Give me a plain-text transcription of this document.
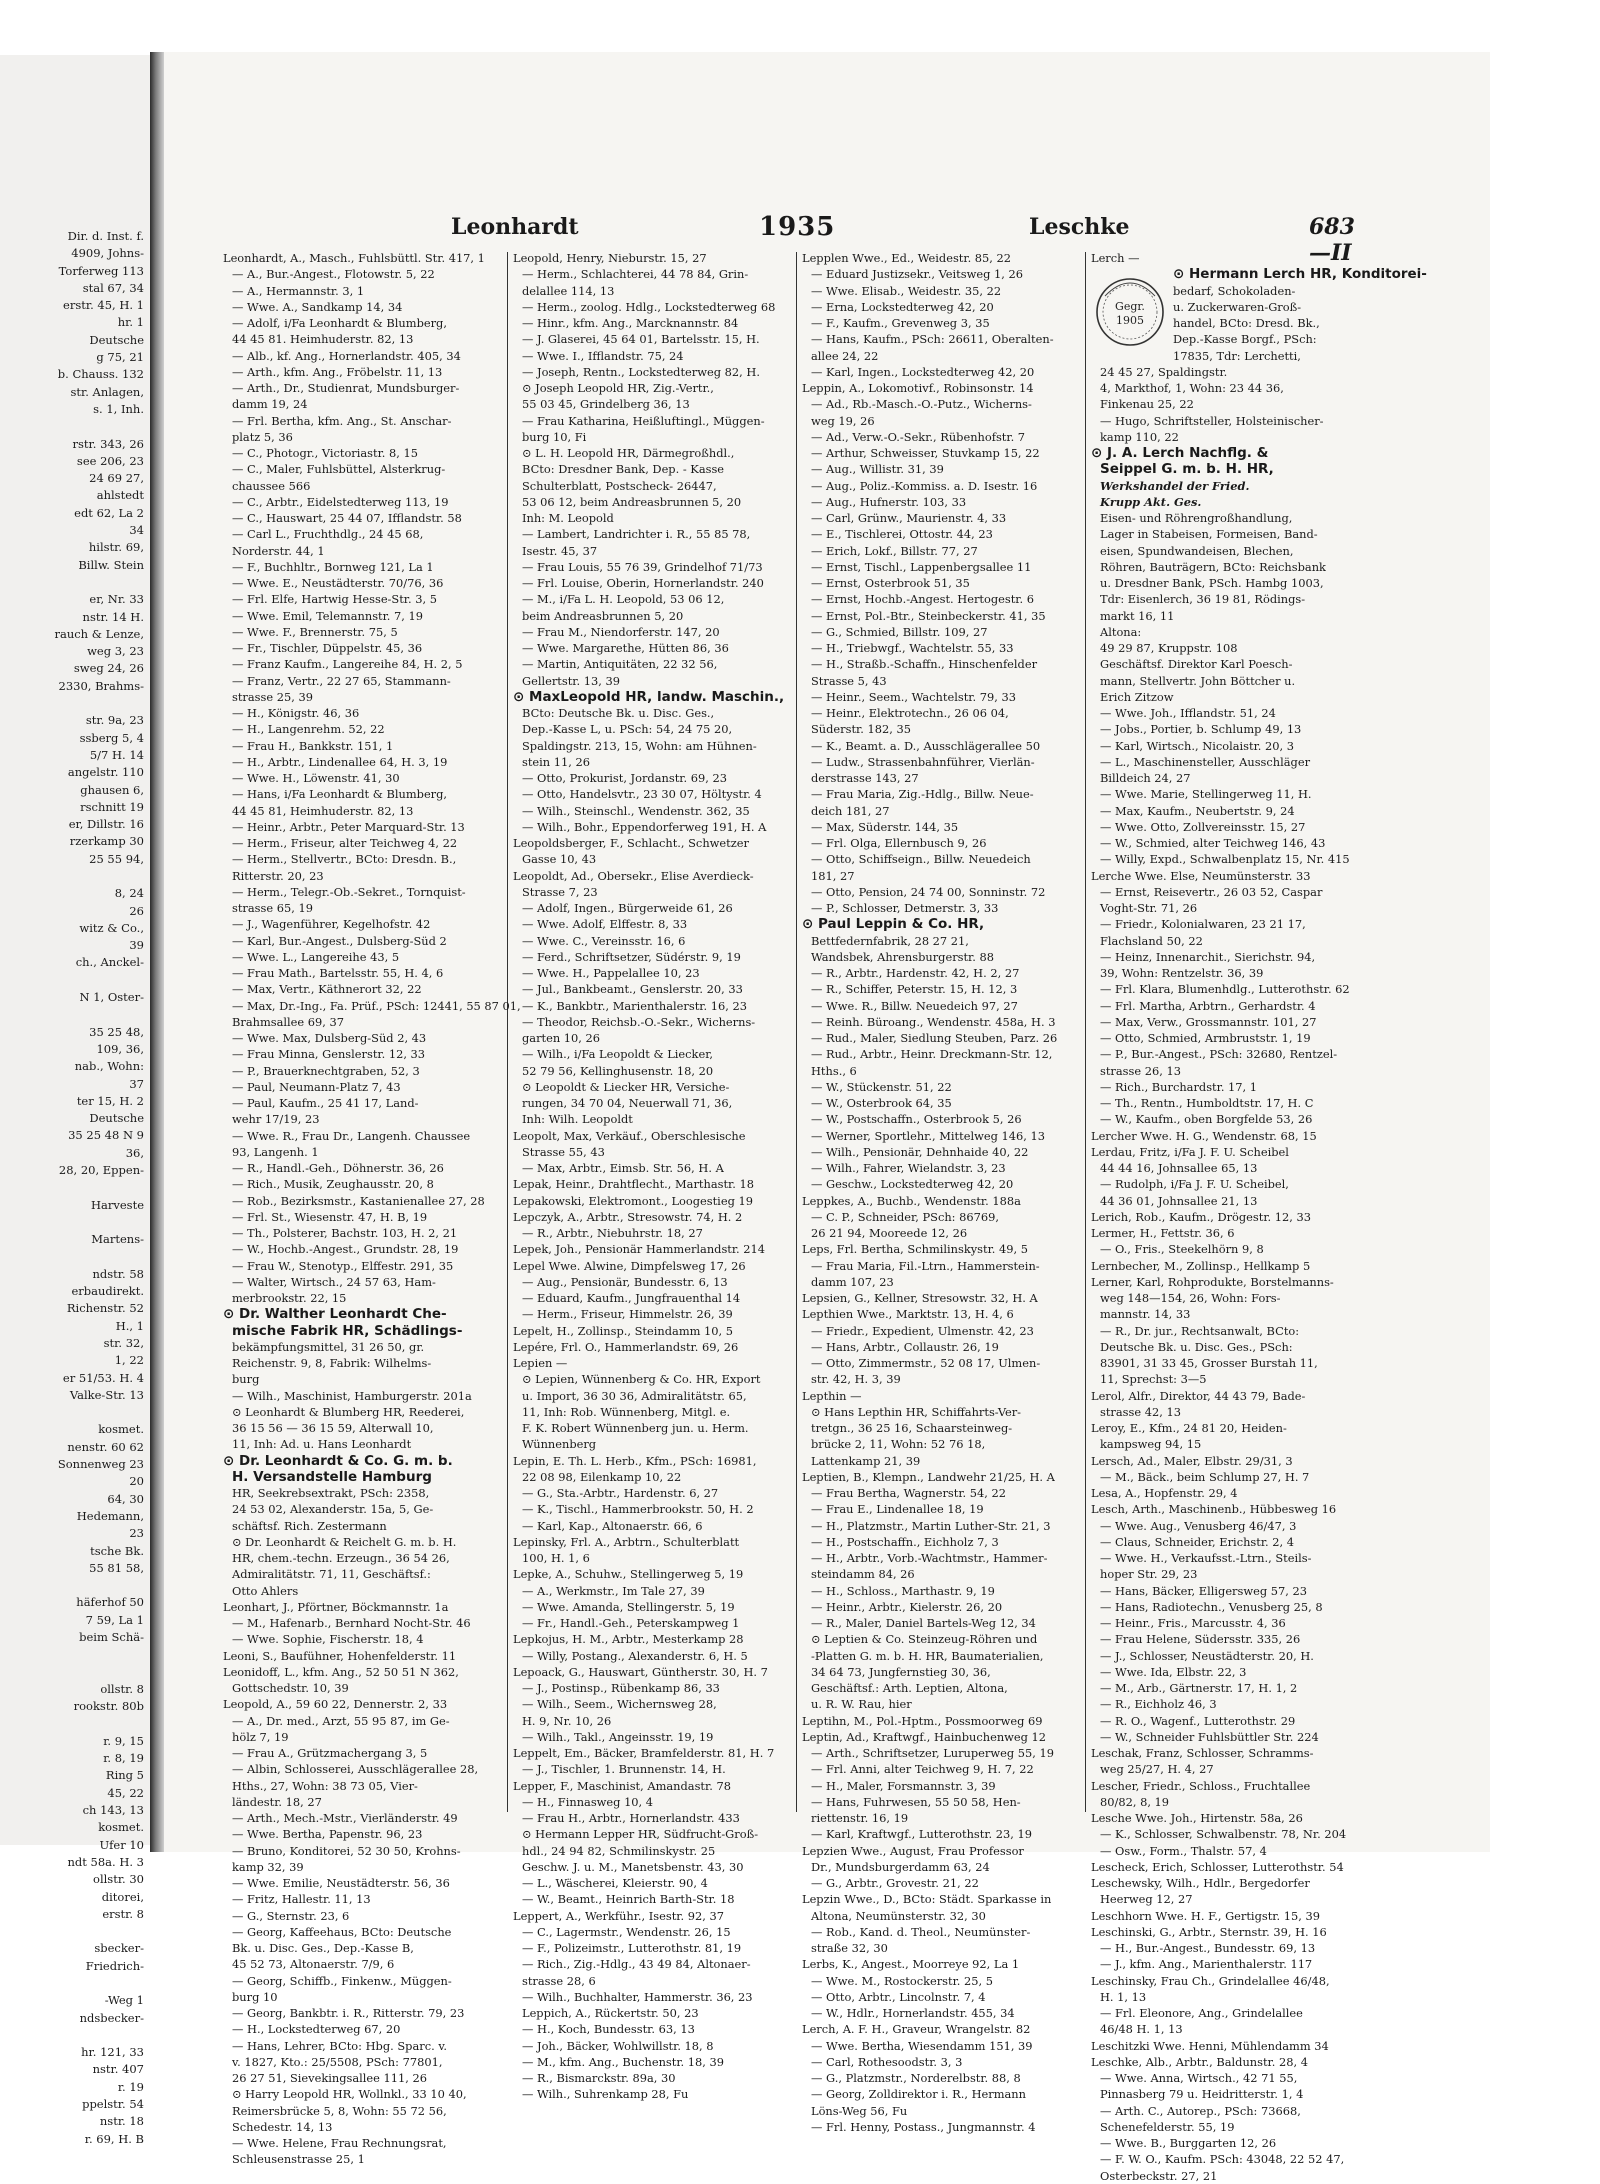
Dir. d. Inst. f.
4909, Johns-
Torferweg 113
stal 67, 34
erstr. 45, H. 1
hr. 1
Deutsche
g 75, 21
b. Chauss. 132
str. Anlagen,
s. 1, Inh.

rstr. 343, 26
see 206, 23
24 69 27,
ahlstedt
edt 62, La 2
34
hilstr. 69,
Billw. Stein

er, Nr. 33
nstr. 14 H.
rauch & Lenze,
weg 3, 23
sweg 24, 26
2330, Brahms-

str. 9a, 23
ssberg 5, 4
5/7 H. 14
angelstr. 110
ghausen 6,
rschnitt 19
er, Dillstr. 16
rzerkamp 30
25 55 94,

8, 24
26
witz & Co.,
39
ch., Anckel-

N 1, Oster-

35 25 48,
109, 36,
nab., Wohn:
37
ter 15, H. 2
Deutsche
35 25 48 N 9
36,
28, 20, Eppen-

Harveste

Martens-

ndstr. 58
erbaudirekt.
Richenstr. 52
H., 1
str. 32,
1, 22
er 51/53. H. 4
Valke-Str. 13

kosmet.
nenstr. 60 62
Sonnenweg 23
20
64, 30
Hedemann,
23
tsche Bk.
55 81 58,

häferhof 50
7 59, La 1
beim Schä-

ollstr. 8
rookstr. 80b

r. 9, 15
r. 8, 19
Ring 5
45, 22
ch 143, 13
kosmet.
Ufer 10
ndt 58a. H. 3
ollstr. 30
ditorei,
erstr. 8

sbecker-
Friedrich-

-Weg 1
ndsbecker-

hr. 121, 33
nstr. 407
r. 19
ppelstr. 54
nstr. 18
r. 69, H. B
Leonhardt	1935	Leschke	683—II
Leonhardt, A., Masch., Fuhlsbüttl. Str. 417, 1
— A., Bur.-Angest., Flotowstr. 5, 22
— A., Hermannstr. 3, 1
— Wwe. A., Sandkamp 14, 34
— Adolf, i/Fa Leonhardt & Blumberg,
44 45 81. Heimhuderstr. 82, 13
— Alb., kf. Ang., Hornerlandstr. 405, 34
— Arth., kfm. Ang., Fröbelstr. 11, 13
— Arth., Dr., Studienrat, Mundsburger-
damm 19, 24
— Frl. Bertha, kfm. Ang., St. Anschar-
platz 5, 36
— C., Photogr., Victoriastr. 8, 15
— C., Maler, Fuhlsbüttel, Alsterkrug-
chaussee 566
— C., Arbtr., Eidelstedterweg 113, 19
— C., Hauswart, 25 44 07, Ifflandstr. 58
— Carl L., Fruchthdlg., 24 45 68,
Norderstr. 44, 1
— F., Buchhltr., Bornweg 121, La 1
— Wwe. E., Neustädterstr. 70/76, 36
— Frl. Elfe, Hartwig Hesse-Str. 3, 5
— Wwe. Emil, Telemannstr. 7, 19
— Wwe. F., Brennerstr. 75, 5
— Fr., Tischler, Düppelstr. 45, 36
— Franz Kaufm., Langereihe 84, H. 2, 5
— Franz, Vertr., 22 27 65, Stammann-
strasse 25, 39
— H., Königstr. 46, 36
— H., Langenrehm. 52, 22
— Frau H., Bankkstr. 151, 1
— H., Arbtr., Lindenallee 64, H. 3, 19
— Wwe. H., Löwenstr. 41, 30
— Hans, i/Fa Leonhardt & Blumberg,
44 45 81, Heimhuderstr. 82, 13
— Heinr., Arbtr., Peter Marquard-Str. 13
— Herm., Friseur, alter Teichweg 4, 22
— Herm., Stellvertr., BCto: Dresdn. B.,
Ritterstr. 20, 23
— Herm., Telegr.-Ob.-Sekret., Tornquist-
strasse 65, 19
— J., Wagenführer, Kegelhofstr. 42
— Karl, Bur.-Angest., Dulsberg-Süd 2
— Wwe. L., Langereihe 43, 5
— Frau Math., Bartelsstr. 55, H. 4, 6
— Max, Vertr., Käthnerort 32, 22
— Max, Dr.-Ing., Fa. Prüf., PSch: 12441, 55 87 01,
Brahmsallee 69, 37
— Wwe. Max, Dulsberg-Süd 2, 43
— Frau Minna, Genslerstr. 12, 33
— P., Brauerknechtgraben, 52, 3
— Paul, Neumann-Platz 7, 43
— Paul, Kaufm., 25 41 17, Land-
wehr 17/19, 23
— Wwe. R., Frau Dr., Langenh. Chaussee
93, Langenh. 1
— R., Handl.-Geh., Döhnerstr. 36, 26
— Rich., Musik, Zeughausstr. 20, 8
— Rob., Bezirksmstr., Kastanienallee 27, 28
— Frl. St., Wiesenstr. 47, H. B, 19
— Th., Polsterer, Bachstr. 103, H. 2, 21
— W., Hochb.-Angest., Grundstr. 28, 19
— Frau W., Stenotyp., Elffestr. 291, 35
— Walter, Wirtsch., 24 57 63, Ham-
merbrookstr. 22, 15
⊙ Dr. Walther Leonhardt Che-
mische Fabrik HR, Schädlings-
bekämpfungsmittel, 31 26 50, gr.
Reichenstr. 9, 8, Fabrik: Wilhelms-
burg
— Wilh., Maschinist, Hamburgerstr. 201a
⊙ Leonhardt & Blumberg HR, Reederei,
36 15 56 — 36 15 59, Alterwall 10,
11, Inh: Ad. u. Hans Leonhardt
⊙ Dr. Leonhardt & Co. G. m. b.
H. Versandstelle Hamburg
HR, Seekrebsextrakt, PSch: 2358,
24 53 02, Alexanderstr. 15a, 5, Ge-
schäftsf. Rich. Zestermann
⊙ Dr. Leonhardt & Reichelt G. m. b. H.
HR, chem.-techn. Erzeugn., 36 54 26,
Admiralitätstr. 71, 11, Geschäftsf.:
Otto Ahlers
Leonhart, J., Pförtner, Böckmannstr. 1a
— M., Hafenarb., Bernhard Nocht-Str. 46
— Wwe. Sophie, Fischerstr. 18, 4
Leoni, S., Baufühner, Hohenfelderstr. 11
Leonidoff, L., kfm. Ang., 52 50 51 N 362,
Gottschedstr. 10, 39
Leopold, A., 59 60 22, Dennerstr. 2, 33
— A., Dr. med., Arzt, 55 95 87, im Ge-
hölz 7, 19
— Frau A., Grützmachergang 3, 5
— Albin, Schlosserei, Ausschlägerallee 28,
Hths., 27, Wohn: 38 73 05, Vier-
ländestr. 18, 27
— Arth., Mech.-Mstr., Vierländerstr. 49
— Wwe. Bertha, Papenstr. 96, 23
— Bruno, Konditorei, 52 30 50, Krohns-
kamp 32, 39
— Wwe. Emilie, Neustädterstr. 56, 36
— Fritz, Hallestr. 11, 13
— G., Sternstr. 23, 6
— Georg, Kaffeehaus, BCto: Deutsche
Bk. u. Disc. Ges., Dep.-Kasse B,
45 52 73, Altonaerstr. 7/9, 6
— Georg, Schiffb., Finkenw., Müggen-
burg 10
— Georg, Bankbtr. i. R., Ritterstr. 79, 23
— H., Lockstedterweg 67, 20
— Hans, Lehrer, BCto: Hbg. Sparc. v.
v. 1827, Kto.: 25/5508, PSch: 77801,
26 27 51, Sievekingsallee 111, 26
⊙ Harry Leopold HR, Wollnkl., 33 10 40,
Reimersbrücke 5, 8, Wohn: 55 72 56,
Schedestr. 14, 13
— Wwe. Helene, Frau Rechnungsrat,
Schleusenstrasse 25, 1
Leopold, Henry, Nieburstr. 15, 27
— Herm., Schlachterei, 44 78 84, Grin-
delallee 114, 13
— Herm., zoolog. Hdlg., Lockstedterweg 68
— Hinr., kfm. Ang., Marcknannstr. 84
— J. Glaserei, 45 64 01, Bartelsstr. 15, H.
— Wwe. I., Ifflandstr. 75, 24
— Joseph, Rentn., Lockstedterweg 82, H.
⊙ Joseph Leopold HR, Zig.-Vertr.,
55 03 45, Grindelberg 36, 13
— Frau Katharina, Heißluftingl., Müggen-
burg 10, Fi
⊙ L. H. Leopold HR, Därmegroßhdl.,
BCto: Dresdner Bank, Dep. - Kasse
Schulterblatt, Postscheck- 26447,
53 06 12, beim Andreasbrunnen 5, 20
Inh: M. Leopold
— Lambert, Landrichter i. R., 55 85 78,
Isestr. 45, 37
— Frau Louis, 55 76 39, Grindelhof 71/73
— Frl. Louise, Oberin, Hornerlandstr. 240
— M., i/Fa L. H. Leopold, 53 06 12,
beim Andreasbrunnen 5, 20
— Frau M., Niendorferstr. 147, 20
— Wwe. Margarethe, Hütten 86, 36
— Martin, Antiquitäten, 22 32 56,
Gellertstr. 13, 39
⊙ MaxLeopold HR, landw. Maschin.,
BCto: Deutsche Bk. u. Disc. Ges.,
Dep.-Kasse L, u. PSch: 54, 24 75 20,
Spaldingstr. 213, 15, Wohn: am Hühnen-
stein 11, 26
— Otto, Prokurist, Jordanstr. 69, 23
— Otto, Handelsvtr., 23 30 07, Höltystr. 4
— Wilh., Steinschl., Wendenstr. 362, 35
— Wilh., Bohr., Eppendorferweg 191, H. A
Leopoldsberger, F., Schlacht., Schwetzer
Gasse 10, 43
Leopoldt, Ad., Obersekr., Elise Averdieck-
Strasse 7, 23
— Adolf, Ingen., Bürgerweide 61, 26
— Wwe. Adolf, Elffestr. 8, 33
— Wwe. C., Vereinsstr. 16, 6
— Ferd., Schriftsetzer, Südérstr. 9, 19
— Wwe. H., Pappelallee 10, 23
— Jul., Bankbeamt., Genslerstr. 20, 33
— K., Bankbtr., Marienthalerstr. 16, 23
— Theodor, Reichsb.-O.-Sekr., Wicherns-
garten 10, 26
— Wilh., i/Fa Leopoldt & Liecker,
52 79 56, Kellinghusenstr. 18, 20
⊙ Leopoldt & Liecker HR, Versiche-
rungen, 34 70 04, Neuerwall 71, 36,
Inh: Wilh. Leopoldt
Leopolt, Max, Verkäuf., Oberschlesische
Strasse 55, 43
— Max, Arbtr., Eimsb. Str. 56, H. A
Lepak, Heinr., Drahtflecht., Marthastr. 18
Lepakowski, Elektromont., Loogestieg 19
Lepczyk, A., Arbtr., Stresowstr. 74, H. 2
— R., Arbtr., Niebuhrstr. 18, 27
Lepek, Joh., Pensionär Hammerlandstr. 214
Lepel Wwe. Alwine, Dimpfelsweg 17, 26
— Aug., Pensionär, Bundesstr. 6, 13
— Eduard, Kaufm., Jungfrauenthal 14
— Herm., Friseur, Himmelstr. 26, 39
Lepelt, H., Zollinsp., Steindamm 10, 5
Lepére, Frl. O., Hammerlandstr. 69, 26
Lepien —
⊙ Lepien, Wünnenberg & Co. HR, Export
u. Import, 36 30 36, Admiralitätstr. 65,
11, Inh: Rob. Wünnenberg, Mitgl. e.
F. K. Robert Wünnenberg jun. u. Herm.
Wünnenberg
Lepin, E. Th. L. Herb., Kfm., PSch: 16981,
22 08 98, Eilenkamp 10, 22
— G., Sta.-Arbtr., Hardenstr. 6, 27
— K., Tischl., Hammerbrookstr. 50, H. 2
— Karl, Kap., Altonaerstr. 66, 6
Lepinsky, Frl. A., Arbtrn., Schulterblatt
100, H. 1, 6
Lepke, A., Schuhw., Stellingerweg 5, 19
— A., Werkmstr., Im Tale 27, 39
— Wwe. Amanda, Stellingerstr. 5, 19
— Fr., Handl.-Geh., Peterskampweg 1
Lepkojus, H. M., Arbtr., Mesterkamp 28
— Willy, Postang., Alexanderstr. 6, H. 5
Lepoack, G., Hauswart, Güntherstr. 30, H. 7
— J., Postinsp., Rübenkamp 86, 33
— Wilh., Seem., Wichernsweg 28,
H. 9, Nr. 10, 26
— Wilh., Takl., Angeinsstr. 19, 19
Leppelt, Em., Bäcker, Bramfelderstr. 81, H. 7
— J., Tischler, 1. Brunnenstr. 14, H.
Lepper, F., Maschinist, Amandastr. 78
— H., Finnasweg 10, 4
— Frau H., Arbtr., Hornerlandstr. 433
⊙ Hermann Lepper HR, Südfrucht-Groß-
hdl., 24 94 82, Schmilinskystr. 25
Geschw. J. u. M., Manetsbenstr. 43, 30
— L., Wäscherei, Kleierstr. 90, 4
— W., Beamt., Heinrich Barth-Str. 18
Leppert, A., Werkführ., Isestr. 92, 37
— C., Lagermstr., Wendenstr. 26, 15
— F., Polizeimstr., Lutterothstr. 81, 19
— Rich., Zig.-Hdlg., 43 49 84, Altonaer-
strasse 28, 6
— Wilh., Buchhalter, Hammerstr. 36, 23
Leppich, A., Rückertstr. 50, 23
— H., Koch, Bundesstr. 63, 13
— Joh., Bäcker, Wohlwillstr. 18, 8
— M., kfm. Ang., Buchenstr. 18, 39
— R., Bismarckstr. 89a, 30
— Wilh., Suhrenkamp 28, Fu
Lepplen Wwe., Ed., Weidestr. 85, 22
— Eduard Justizsekr., Veitsweg 1, 26
— Wwe. Elisab., Weidestr. 35, 22
— Erna, Lockstedterweg 42, 20
— F., Kaufm., Grevenweg 3, 35
— Hans, Kaufm., PSch: 26611, Oberalten-
allee 24, 22
— Karl, Ingen., Lockstedterweg 42, 20
Leppin, A., Lokomotivf., Robinsonstr. 14
— Ad., Rb.-Masch.-O.-Putz., Wicherns-
weg 19, 26
— Ad., Verw.-O.-Sekr., Rübenhofstr. 7
— Arthur, Schweisser, Stuvkamp 15, 22
— Aug., Willistr. 31, 39
— Aug., Poliz.-Kommiss. a. D. Isestr. 16
— Aug., Hufnerstr. 103, 33
— Carl, Grünw., Maurienstr. 4, 33
— E., Tischlerei, Ottostr. 44, 23
— Erich, Lokf., Billstr. 77, 27
— Ernst, Tischl., Lappenbergsallee 11
— Ernst, Osterbrook 51, 35
— Ernst, Hochb.-Angest. Hertogestr. 6
— Ernst, Pol.-Btr., Steinbeckerstr. 41, 35
— G., Schmied, Billstr. 109, 27
— H., Triebwgf., Wachtelstr. 55, 33
— H., Straßb.-Schaffn., Hinschenfelder
Strasse 5, 43
— Heinr., Seem., Wachtelstr. 79, 33
— Heinr., Elektrotechn., 26 06 04,
Süderstr. 182, 35
— K., Beamt. a. D., Ausschlägerallee 50
— Ludw., Strassenbahnführer, Vierlän-
derstrasse 143, 27
— Frau Maria, Zig.-Hdlg., Billw. Neue-
deich 181, 27
— Max, Süderstr. 144, 35
— Frl. Olga, Ellernbusch 9, 26
— Otto, Schiffseign., Billw. Neuedeich
181, 27
— Otto, Pension, 24 74 00, Sonninstr. 72
— P., Schlosser, Detmerstr. 3, 33
⊙ Paul Leppin & Co. HR,
Bettfedernfabrik, 28 27 21,
Wandsbek, Ahrensburgerstr. 88
— R., Arbtr., Hardenstr. 42, H. 2, 27
— R., Schiffer, Peterstr. 15, H. 12, 3
— Wwe. R., Billw. Neuedeich 97, 27
— Reinh. Büroang., Wendenstr. 458a, H. 3
— Rud., Maler, Siedlung Steuben, Parz. 26
— Rud., Arbtr., Heinr. Dreckmann-Str. 12,
Hths., 6
— W., Stückenstr. 51, 22
— W., Osterbrook 64, 35
— W., Postschaffn., Osterbrook 5, 26
— Werner, Sportlehr., Mittelweg 146, 13
— Wilh., Pensionär, Dehnhaide 40, 22
— Wilh., Fahrer, Wielandstr. 3, 23
— Geschw., Lockstedterweg 42, 20
Leppkes, A., Buchb., Wendenstr. 188a
— C. P., Schneider, PSch: 86769,
26 21 94, Mooreede 12, 26
Leps, Frl. Bertha, Schmilinskystr. 49, 5
— Frau Maria, Fil.-Ltrn., Hammerstein-
damm 107, 23
Lepsien, G., Kellner, Stresowstr. 32, H. A
Lepthien Wwe., Marktstr. 13, H. 4, 6
— Friedr., Expedient, Ulmenstr. 42, 23
— Hans, Arbtr., Collaustr. 26, 19
— Otto, Zimmermstr., 52 08 17, Ulmen-
str. 42, H. 3, 39
Lepthin —
⊙ Hans Lepthin HR, Schiffahrts-Ver-
tretgn., 36 25 16, Schaarsteinweg-
brücke 2, 11, Wohn: 52 76 18,
Lattenkamp 21, 39
Leptien, B., Klempn., Landwehr 21/25, H. A
— Frau Bertha, Wagnerstr. 54, 22
— Frau E., Lindenallee 18, 19
— H., Platzmstr., Martin Luther-Str. 21, 3
— H., Postschaffn., Eichholz 7, 3
— H., Arbtr., Vorb.-Wachtmstr., Hammer-
steindamm 84, 26
— H., Schloss., Marthastr. 9, 19
— Heinr., Arbtr., Kielerstr. 26, 20
— R., Maler, Daniel Bartels-Weg 12, 34
⊙ Leptien & Co. Steinzeug-Röhren und
-Platten G. m. b. H. HR, Baumaterialien,
34 64 73, Jungfernstieg 30, 36,
Geschäftsf.: Arth. Leptien, Altona,
u. R. W. Rau, hier
Leptihn, M., Pol.-Hptm., Possmoorweg 69
Leptin, Ad., Kraftwgf., Hainbuchenweg 12
— Arth., Schriftsetzer, Luruperweg 55, 19
— Frl. Anni, alter Teichweg 9, H. 7, 22
— H., Maler, Forsmannstr. 3, 39
— Hans, Fuhrwesen, 55 50 58, Hen-
riettenstr. 16, 19
— Karl, Kraftwgf., Lutterothstr. 23, 19
Lepzien Wwe., August, Frau Professor
Dr., Mundsburgerdamm 63, 24
— G., Arbtr., Grovestr. 21, 22
Lepzin Wwe., D., BCto: Städt. Sparkasse in
Altona, Neumünsterstr. 32, 30
— Rob., Kand. d. Theol., Neumünster-
straße 32, 30
Lerbs, K., Angest., Moorreye 92, La 1
— Wwe. M., Rostockerstr. 25, 5
— Otto, Arbtr., Lincolnstr. 7, 4
— W., Hdlr., Hornerlandstr. 455, 34
Lerch, A. F. H., Graveur, Wrangelstr. 82
— Wwe. Bertha, Wiesendamm 151, 39
— Carl, Rothesoodstr. 3, 3
— G., Platzmstr., Norderelbstr. 88, 8
— Georg, Zolldirektor i. R., Hermann
Löns-Weg 56, Fu
— Frl. Henny, Postass., Jungmannstr. 4
Lerch —
Gegr.
1905
⊙ Hermann Lerch HR, Konditorei-
bedarf, Schokoladen-
u. Zuckerwaren-Groß-
handel, BCto: Dresd. Bk.,
Dep.-Kasse Borgf., PSch:
17835, Tdr: Lerchetti,
24 45 27, Spaldingstr.
4, Markthof, 1, Wohn: 23 44 36,
Finkenau 25, 22
— Hugo, Schriftsteller, Holsteinischer-
kamp 110, 22
⊙ J. A. Lerch Nachflg. &
Seippel G. m. b. H. HR,
Werkshandel der Fried.
Krupp Akt. Ges.
Eisen- und Röhrengroßhandlung,
Lager in Stabeisen, Formeisen, Band-
eisen, Spundwandeisen, Blechen,
Röhren, Bauträgern, BCto: Reichsbank
u. Dresdner Bank, PSch. Hambg 1003,
Tdr: Eisenlerch, 36 19 81, Rödings-
markt 16, 11
Altona:
49 29 87, Kruppstr. 108
Geschäftsf. Direktor Karl Poesch-
mann, Stellvertr. John Böttcher u.
Erich Zitzow
— Wwe. Joh., Ifflandstr. 51, 24
— Jobs., Portier, b. Schlump 49, 13
— Karl, Wirtsch., Nicolaistr. 20, 3
— L., Maschinensteller, Ausschläger
Billdeich 24, 27
— Wwe. Marie, Stellingerweg 11, H.
— Max, Kaufm., Neubertstr. 9, 24
— Wwe. Otto, Zollvereinsstr. 15, 27
— W., Schmied, alter Teichweg 146, 43
— Willy, Expd., Schwalbenplatz 15, Nr. 415
Lerche Wwe. Else, Neumünsterstr. 33
— Ernst, Reisevertr., 26 03 52, Caspar
Voght-Str. 71, 26
— Friedr., Kolonialwaren, 23 21 17,
Flachsland 50, 22
— Heinz, Innenarchit., Sierichstr. 94,
39, Wohn: Rentzelstr. 36, 39
— Frl. Klara, Blumenhdlg., Lutterothstr. 62
— Frl. Martha, Arbtrn., Gerhardstr. 4
— Max, Verw., Grossmannstr. 101, 27
— Otto, Schmied, Armbruststr. 1, 19
— P., Bur.-Angest., PSch: 32680, Rentzel-
strasse 26, 13
— Rich., Burchardstr. 17, 1
— Th., Rentn., Humboldtstr. 17, H. C
— W., Kaufm., oben Borgfelde 53, 26
Lercher Wwe. H. G., Wendenstr. 68, 15
Lerdau, Fritz, i/Fa J. F. U. Scheibel
44 44 16, Johnsallee 65, 13
— Rudolph, i/Fa J. F. U. Scheibel,
44 36 01, Johnsallee 21, 13
Lerich, Rob., Kaufm., Drögestr. 12, 33
Lermer, H., Fettstr. 36, 6
— O., Fris., Steekelhörn 9, 8
Lernbecher, M., Zollinsp., Hellkamp 5
Lerner, Karl, Rohprodukte, Borstelmanns-
weg 148—154, 26, Wohn: Fors-
mannstr. 14, 33
— R., Dr. jur., Rechtsanwalt, BCto:
Deutsche Bk. u. Disc. Ges., PSch:
83901, 31 33 45, Grosser Burstah 11,
11, Sprechst: 3—5
Lerol, Alfr., Direktor, 44 43 79, Bade-
strasse 42, 13
Leroy, E., Kfm., 24 81 20, Heiden-
kampsweg 94, 15
Lersch, Ad., Maler, Elbstr. 29/31, 3
— M., Bäck., beim Schlump 27, H. 7
Lesa, A., Hopfenstr. 29, 4
Lesch, Arth., Maschinenb., Hübbesweg 16
— Wwe. Aug., Venusberg 46/47, 3
— Claus, Schneider, Erichstr. 2, 4
— Wwe. H., Verkaufsst.-Ltrn., Steils-
hoper Str. 29, 23
— Hans, Bäcker, Elligersweg 57, 23
— Hans, Radiotechn., Venusberg 25, 8
— Heinr., Fris., Marcusstr. 4, 36
— Frau Helene, Südersstr. 335, 26
— J., Schlosser, Neustädterstr. 20, H.
— Wwe. Ida, Elbstr. 22, 3
— M., Arb., Gärtnerstr. 17, H. 1, 2
— R., Eichholz 46, 3
— R. O., Wagenf., Lutterothstr. 29
— W., Schneider Fuhlsbüttler Str. 224
Leschak, Franz, Schlosser, Schramms-
weg 25/27, H. 4, 27
Lescher, Friedr., Schloss., Fruchtallee
80/82, 8, 19
Lesche Wwe. Joh., Hirtenstr. 58a, 26
— K., Schlosser, Schwalbenstr. 78, Nr. 204
— Osw., Form., Thalstr. 57, 4
Lescheck, Erich, Schlosser, Lutterothstr. 54
Leschewsky, Wilh., Hdlr., Bergedorfer
Heerweg 12, 27
Leschhorn Wwe. H. F., Gertigstr. 15, 39
Leschinski, G., Arbtr., Sternstr. 39, H. 16
— H., Bur.-Angest., Bundesstr. 69, 13
— J., kfm. Ang., Marienthalerstr. 117
Leschinsky, Frau Ch., Grindelallee 46/48,
H. 1, 13
— Frl. Eleonore, Ang., Grindelallee
46/48 H. 1, 13
Leschitzki Wwe. Henni, Mühlendamm 34
Leschke, Alb., Arbtr., Baldunstr. 28, 4
— Wwe. Anna, Wirtsch., 42 71 55,
Pinnasberg 79 u. Heidritterstr. 1, 4
— Arth. C., Autorep., PSch: 73668,
Schenefelderstr. 55, 19
— Wwe. B., Burggarten 12, 26
— F. W. O., Kaufm. PSch: 43048, 22 52 47,
Osterbeckstr. 27, 21
